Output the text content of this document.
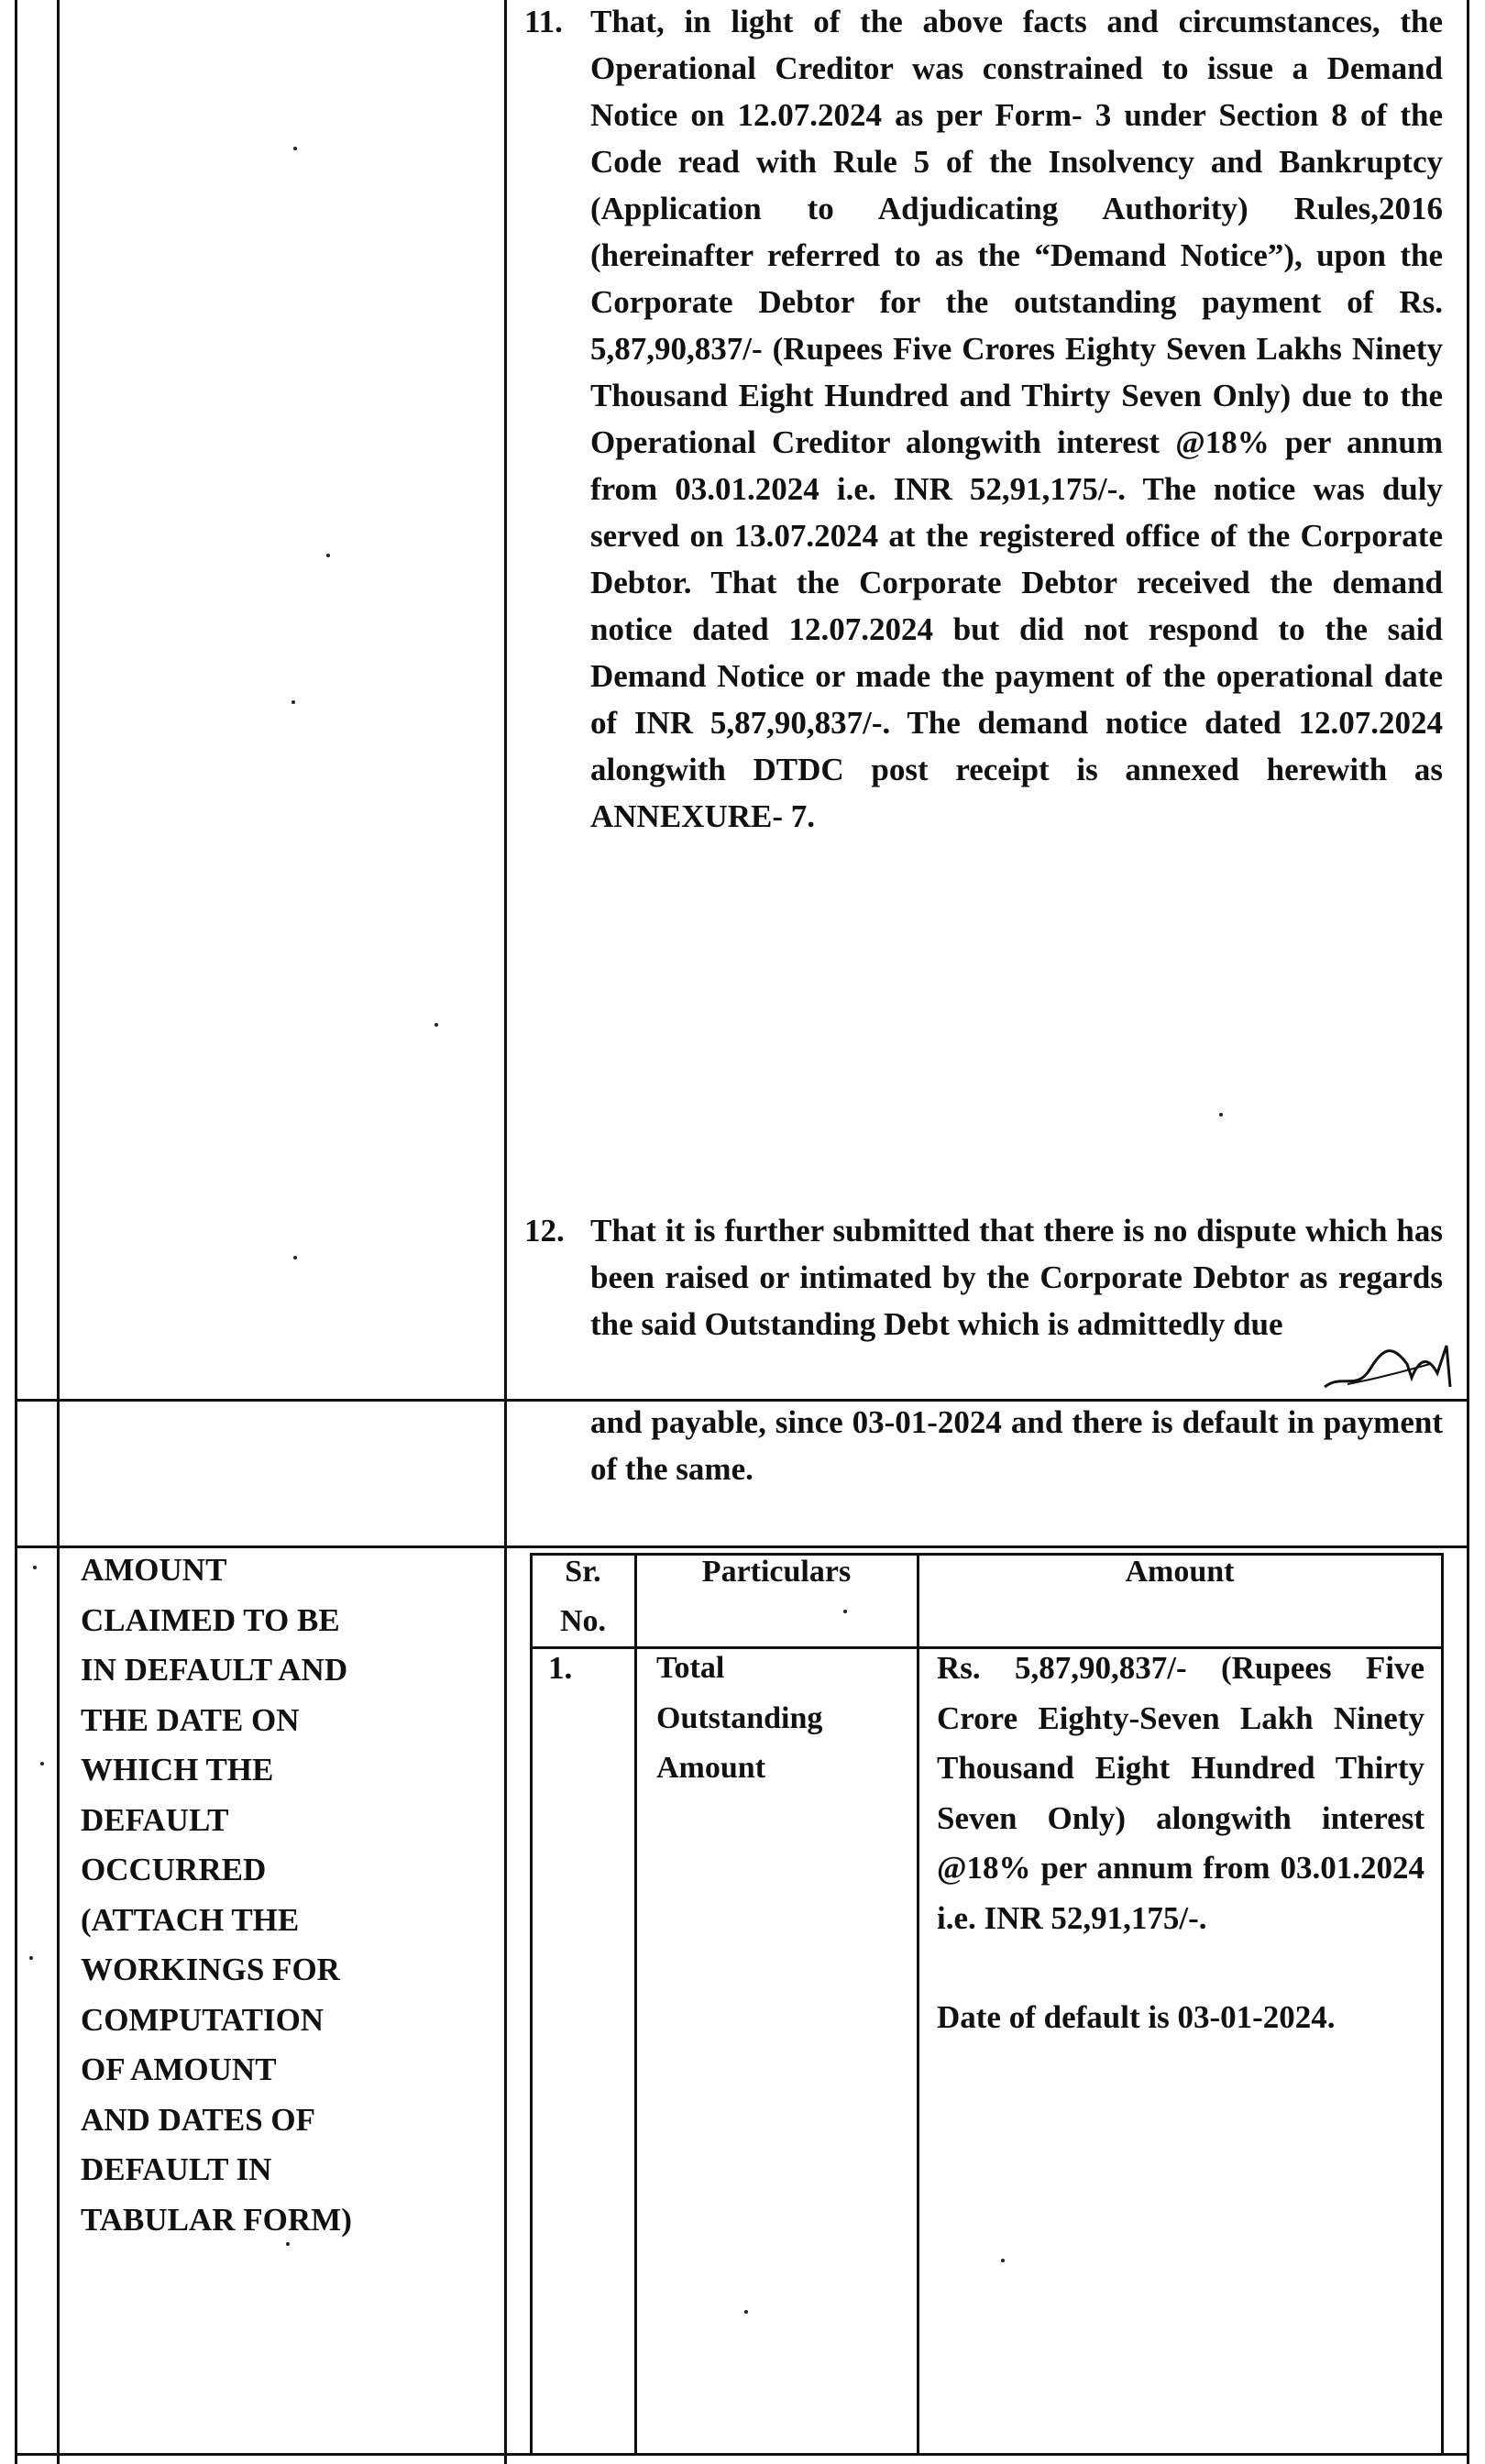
11. That, in light of the above facts and circumstances, the Operational Creditor was constrained to issue a Demand Notice on 12.07.2024 as per Form- 3 under Section 8 of the Code read with Rule 5 of the Insolvency and Bankruptcy (Application to Adjudicating Authority) Rules,2016 (hereinafter referred to as the “Demand Notice”), upon the Corporate Debtor for the outstanding payment of Rs. 5,87,90,837/- (Rupees Five Crores Eighty Seven Lakhs Ninety Thousand Eight Hundred and Thirty Seven Only) due to the Operational Creditor alongwith interest @18% per annum from 03.01.2024 i.e. INR 52,91,175/-. The notice was duly served on 13.07.2024 at the registered office of the Corporate Debtor. That the Corporate Debtor received the demand notice dated 12.07.2024 but did not respond to the said Demand Notice or made the payment of the operational date of INR 5,87,90,837/-. The demand notice dated 12.07.2024 alongwith DTDC post receipt is annexed herewith as ANNEXURE- 7.
12. That it is further submitted that there is no dispute which has been raised or intimated by the Corporate Debtor as regards the said Outstanding Debt which is admittedly due
and payable, since 03-01-2024 and there is default in payment of the same.
AMOUNT
CLAIMED TO BE
IN DEFAULT AND
THE DATE ON
WHICH THE
DEFAULT
OCCURRED
(ATTACH THE
WORKINGS FOR
COMPUTATION
OF AMOUNT
AND DATES OF
DEFAULT IN
TABULAR FORM)
Sr.
No.
Particulars	Amount
1.	Total
Outstanding
Amount
Rs. 5,87,90,837/- (Rupees Five Crore Eighty-Seven Lakh Ninety Thousand Eight Hundred Thirty Seven Only) alongwith interest @18% per annum from 03.01.2024 i.e. INR 52,91,175/-.
Date of default is 03-01-2024.
